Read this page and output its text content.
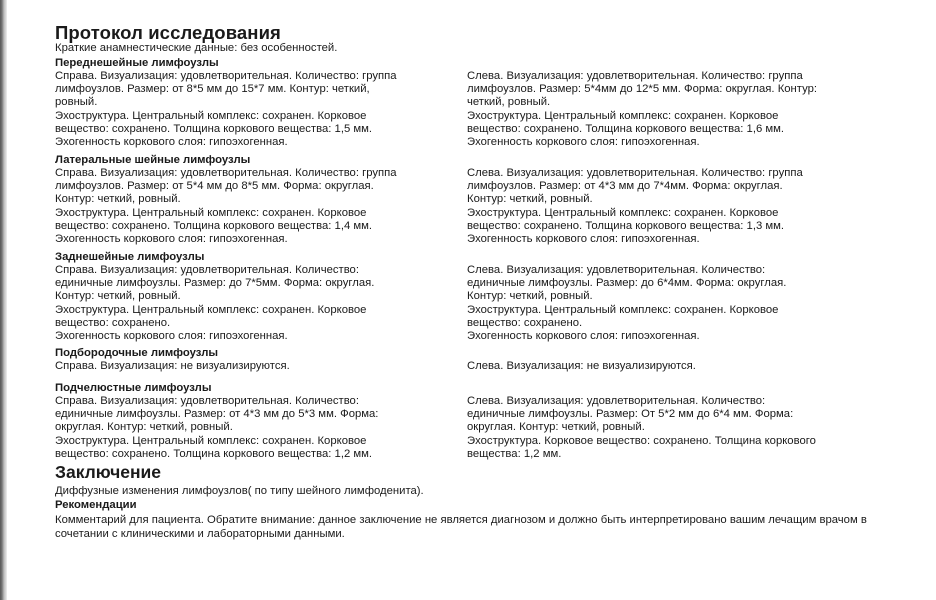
Протокол исследования
Краткие анамнестические данные: без особенностей.
Переднешейные лимфоузлы
Справа. Визуализация: удовлетворительная. Количество: группа
лимфоузлов. Размер: от 8*5 мм до 15*7 мм. Контур: четкий,
ровный.
Эхоструктура. Центральный комплекс: сохранен. Корковое
вещество: сохранено. Толщина коркового вещества: 1,5 мм.
Эхогенность коркового слоя: гипоэхогенная.
Слева. Визуализация: удовлетворительная. Количество: группа
лимфоузлов. Размер: 5*4мм до 12*5 мм. Форма: округлая. Контур:
четкий, ровный.
Эхоструктура. Центральный комплекс: сохранен. Корковое
вещество: сохранено. Толщина коркового вещества: 1,6 мм.
Эхогенность коркового слоя: гипоэхогенная.
Латеральные шейные лимфоузлы
Справа. Визуализация: удовлетворительная. Количество: группа
лимфоузлов. Размер: от 5*4 мм до 8*5 мм. Форма: округлая.
Контур: четкий, ровный.
Эхоструктура. Центральный комплекс: сохранен. Корковое
вещество: сохранено. Толщина коркового вещества: 1,4 мм.
Эхогенность коркового слоя: гипоэхогенная.
Слева. Визуализация: удовлетворительная. Количество: группа
лимфоузлов. Размер: от 4*3 мм до 7*4мм. Форма: округлая.
Контур: четкий, ровный.
Эхоструктура. Центральный комплекс: сохранен. Корковое
вещество: сохранено. Толщина коркового вещества: 1,3 мм.
Эхогенность коркового слоя: гипоэхогенная.
Заднешейные лимфоузлы
Справа. Визуализация: удовлетворительная. Количество:
единичные лимфоузлы. Размер: до 7*5мм. Форма: округлая.
Контур: четкий, ровный.
Эхоструктура. Центральный комплекс: сохранен. Корковое
вещество: сохранено.
Эхогенность коркового слоя: гипоэхогенная.
Слева. Визуализация: удовлетворительная. Количество:
единичные лимфоузлы. Размер: до 6*4мм. Форма: округлая.
Контур: четкий, ровный.
Эхоструктура. Центральный комплекс: сохранен. Корковое
вещество: сохранено.
Эхогенность коркового слоя: гипоэхогенная.
Подбородочные лимфоузлы
Справа. Визуализация: не визуализируются.	Слева. Визуализация: не визуализируются.
Подчелюстные лимфоузлы
Справа. Визуализация: удовлетворительная. Количество:
единичные лимфоузлы. Размер: от 4*3 мм до 5*3 мм. Форма:
округлая. Контур: четкий, ровный.
Эхоструктура. Центральный комплекс: сохранен. Корковое
вещество: сохранено. Толщина коркового вещества: 1,2 мм.
Слева. Визуализация: удовлетворительная. Количество:
единичные лимфоузлы. Размер: От 5*2 мм до 6*4 мм. Форма:
округлая. Контур: четкий, ровный.
Эхоструктура. Корковое вещество: сохранено. Толщина коркового
вещества: 1,2 мм.
Заключение
Диффузные изменения лимфоузлов( по типу шейного лимфоденита).
Рекомендации
Комментарий для пациента. Обратите внимание: данное заключение не является диагнозом и должно быть интерпретировано вашим лечащим врачом в сочетании с клиническими и лабораторными данными.
